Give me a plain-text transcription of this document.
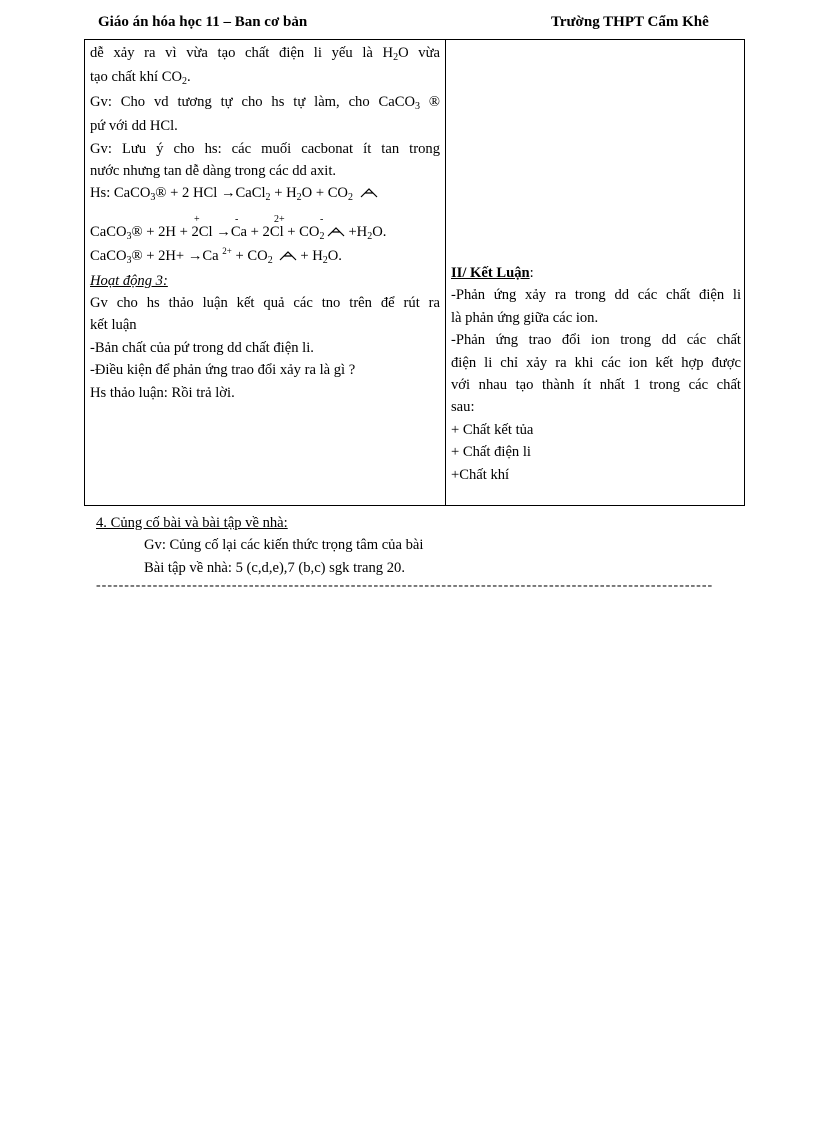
Giáo án hóa học 11 – Ban cơ bản	Trường THPT Cẩm Khê
dễ xảy ra vì vừa tạo chất điện li yếu là $H_2O$ vừa
tạo chất khí $CO_2$.
Gv: Cho vd tương tự cho hs tự làm, cho CaCO$_3$ ®
pứ với dd HCl.
Gv: Lưu ý cho hs: các muối cacbonat ít tan trong
nước nhưng tan dễ dàng trong các dd axit.
Hs: CaCO$_3$® + 2 HCl →CaCl$_2$ + $H_2O + CO_2$
+	-	2+	-
CaCO$_3$® + $2H + 2Cl \to Ca + 2Cl + CO_2 +H_2O$.
CaCO$_3$® + 2H+ →Ca $^{2+} + CO_2 + H_2O$.
Hoạt động 3:
Gv cho hs thảo luận kết quả các tno trên để rút ra
kết luận
-Bản chất của pứ trong dd chất điện li.
-Điều kiện để phản ứng trao đổi xảy ra là gì ?
Hs thảo luận: Rồi trả lời.
II/ Kết Luận:
-Phản ứng xảy ra trong dd các chất điện li
là phản ứng giữa các ion.
-Phản ứng trao đổi ion trong dd các chất
điện li chỉ xảy ra khi các ion kết hợp được
với nhau tạo thành ít nhất 1 trong các chất
sau:
+ Chất kết tủa
+ Chất điện li
+Chất khí
4. Củng cố bài và bài tập về nhà:
Gv: Củng cố lại các kiến thức trọng tâm của bài
Bài tập về nhà: 5 (c,d,e),7 (b,c) sgk trang 20.
-------------------------------------------------------------------------------------------------------------
